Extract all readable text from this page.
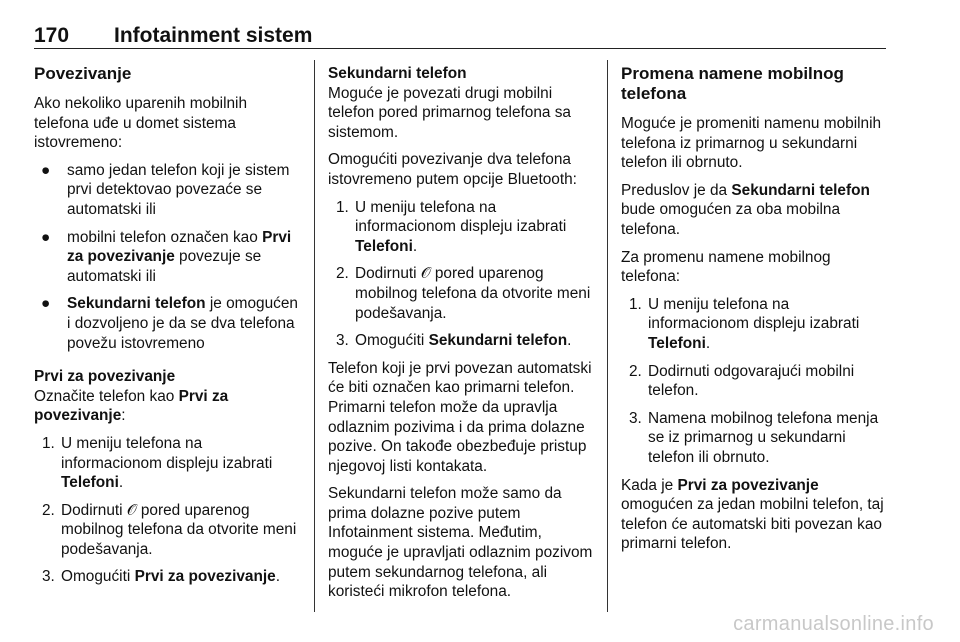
170 Infotainment sistem
Povezivanje

Ako nekoliko uparenih mobilnih telefona uđe u domet sistema istovremeno:

● samo jedan telefon koji je sistem prvi detektovao povezaće se automatski ili
● mobilni telefon označen kao Prvi za povezivanje povezuje se automatski ili
● Sekundarni telefon je omogućen i dozvoljeno je da se dva telefona povežu istovremeno
Prvi za povezivanje

Označite telefon kao Prvi za povezivanje:

1. U meniju telefona na informacionom displeju izabrati Telefoni.
2. Dodirnuti 𝒪 pored uparenog mobilnog telefona da otvorite meni podešavanja.
3. Omogućiti Prvi za povezivanje.
Sekundarni telefon

Moguće je povezati drugi mobilni telefon pored primarnog telefona sa sistemom.

Omogućiti povezivanje dva telefona istovremeno putem opcije Bluetooth:

1. U meniju telefona na informacionom displeju izabrati Telefoni.
2. Dodirnuti 𝒪 pored uparenog mobilnog telefona da otvorite meni podešavanja.
3. Omogućiti Sekundarni telefon.

Telefon koji je prvi povezan automatski će biti označen kao primarni telefon. Primarni telefon može da upravlja odlaznim pozivima i da prima dolazne pozive. On takođe obezbeđuje pristup njegovoj listi kontakata.

Sekundarni telefon može samo da prima dolazne pozive putem Infotainment sistema. Međutim, moguće je upravljati odlaznim pozivom putem sekundarnog telefona, ali koristeći mikrofon telefona.

Promena namene mobilnog telefona

Moguće je promeniti namenu mobilnih telefona iz primarnog u sekundarni telefon ili obrnuto.

Preduslov je da Sekundarni telefon bude omogućen za oba mobilna telefona.

Za promenu namene mobilnog telefona:

1. U meniju telefona na informacionom displeju izabrati Telefoni.
2. Dodirnuti odgovarajući mobilni telefon.
3. Namena mobilnog telefona menja se iz primarnog u sekundarni telefon ili obrnuto.

Kada je Prvi za povezivanje omogućen za jedan mobilni telefon, taj telefon će automatski biti povezan kao primarni telefon.

carmanualsonline.info
